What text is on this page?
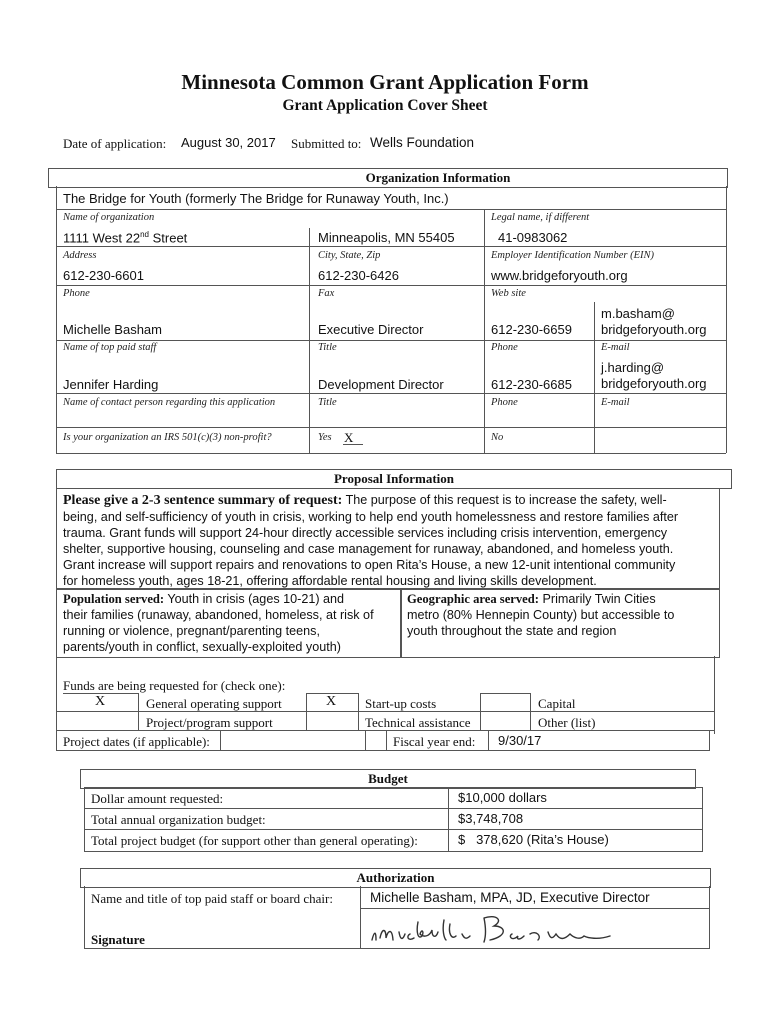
Minnesota Common Grant Application Form
Grant Application Cover Sheet
Date of application: August 30, 2017 Submitted to: Wells Foundation
Organization Information
The Bridge for Youth (formerly The Bridge for Runaway Youth, Inc.)
Name of organization	Legal name, if different
1111 West 22nd Street	Minneapolis, MN 55405	41-0983062
Address	City, State, Zip	Employer Identification Number (EIN)
612-230-6601	612-230-6426	www.bridgeforyouth.org
Phone	Fax	Web site
Michelle Basham	Executive Director	612-230-6659
m.basham@
bridgeforyouth.org
Name of top paid staff	Title	Phone	E-mail
Jennifer Harding	Development Director	612-230-6685
j.harding@
bridgeforyouth.org
Name of contact person regarding this application	Title	Phone	E-mail
Is your organization an IRS 501(c)(3) non-profit?	Yes X	No
Proposal Information
Please give a 2-3 sentence summary of request: The purpose of this request is to increase the safety, well-
being, and self-sufficiency of youth in crisis, working to help end youth homelessness and restore families after
trauma. Grant funds will support 24-hour directly accessible services including crisis intervention, emergency
shelter, supportive housing, counseling and case management for runaway, abandoned, and homeless youth.
Grant increase will support repairs and renovations to open Rita’s House, a new 12-unit intentional community
for homeless youth, ages 18-21, offering affordable rental housing and living skills development.
Population served: Youth in crisis (ages 10-21) and
their families (runaway, abandoned, homeless, at risk of
running or violence, pregnant/parenting teens,
parents/youth in conflict, sexually-exploited youth)
Geographic area served: Primarily Twin Cities
metro (80% Hennepin County) but accessible to
youth throughout the state and region
Funds are being requested for (check one):
X	General operating support	X Start-up costs	Capital
Project/program support	Technical assistance	Other (list)
Project dates (if applicable):	Fiscal year end: 9/30/17
Budget
Dollar amount requested:	$10,000 dollars
Total annual organization budget:	$3,748,708
Total project budget (for support other than general operating):	$   378,620 (Rita’s House)
Authorization
Name and title of top paid staff or board chair:	Michelle Basham, MPA, JD, Executive Director
Signature
